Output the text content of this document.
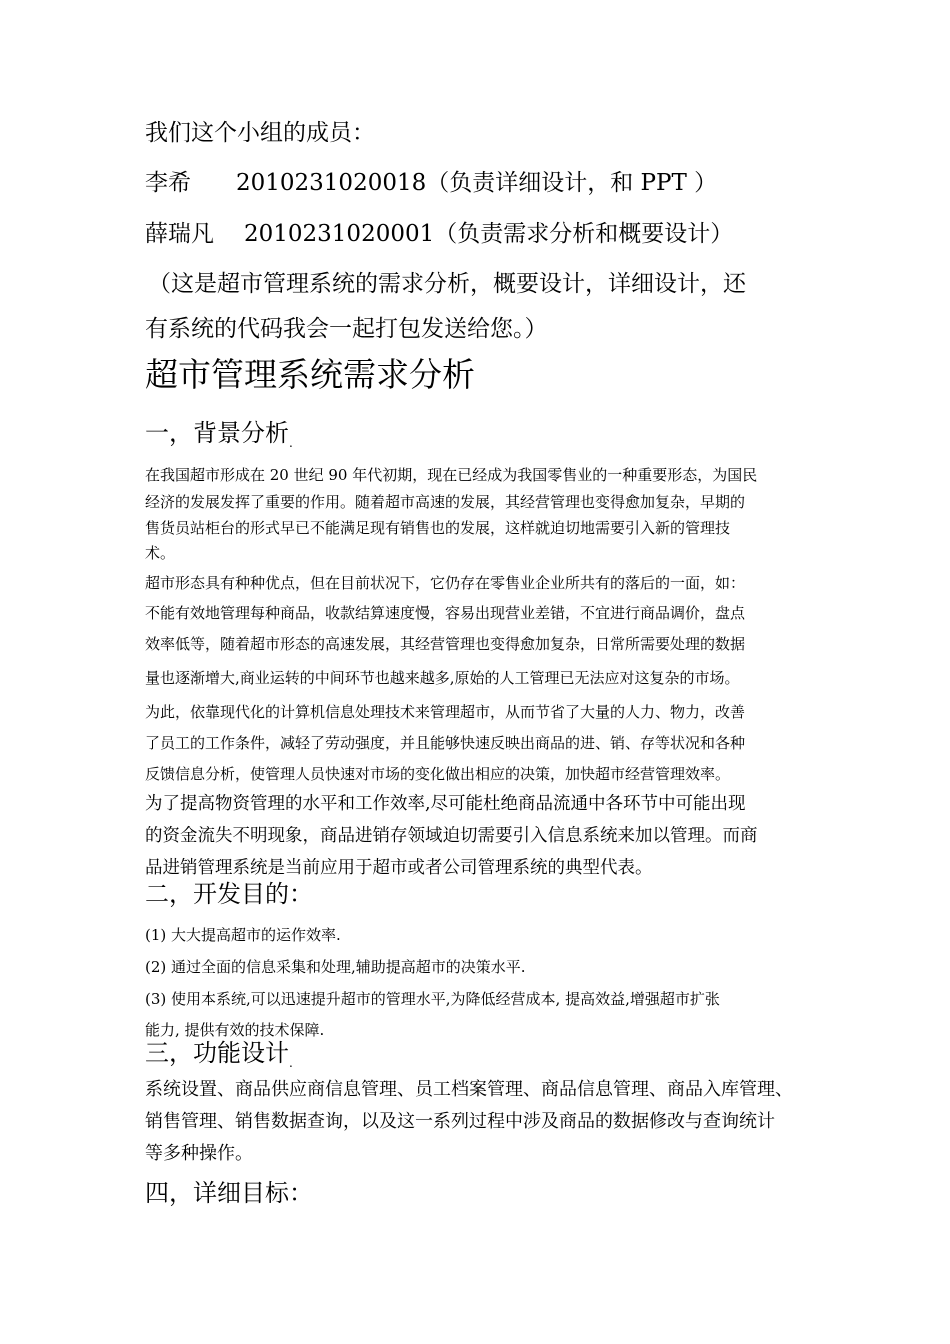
我们这个小组的成员：
李希 2010231020018（负责详细设计，和 PPT ）
薛瑞凡 2010231020001（负责需求分析和概要设计）
（这是超市管理系统的需求分析，概要设计，详细设计，还
有系统的代码我会一起打包发送给您。）
超市管理系统需求分析
一，背景分析$_.$
在我国超市形成在 20 世纪 90 年代初期，现在已经成为我国零售业的一种重要形态，为国民
经济的发展发挥了重要的作用。随着超市高速的发展，其经营管理也变得愈加复杂，早期的
售货员站柜台的形式早已不能满足现有销售也的发展，这样就迫切地需要引入新的管理技
术。
超市形态具有种种优点，但在目前状况下，它仍存在零售业企业所共有的落后的一面，如：
不能有效地管理每种商品，收款结算速度慢，容易出现营业差错，不宜进行商品调价，盘点
效率低等，随着超市形态的高速发展，其经营管理也变得愈加复杂，日常所需要处理的数据
量也逐渐增大,商业运转的中间环节也越来越多,原始的人工管理已无法应对这复杂的市场。
为此，依靠现代化的计算机信息处理技术来管理超市，从而节省了大量的人力、物力，改善
了员工的工作条件，减轻了劳动强度，并且能够快速反映出商品的进、销、存等状况和各种
反馈信息分析，使管理人员快速对市场的变化做出相应的决策，加快超市经营管理效率。
为了提高物资管理的水平和工作效率,尽可能杜绝商品流通中各环节中可能出现
的资金流失不明现象，商品进销存领域迫切需要引入信息系统来加以管理。而商
品进销管理系统是当前应用于超市或者公司管理系统的典型代表。
二，开发目的：
(1) 大大提高超市的运作效率.
(2) 通过全面的信息采集和处理,辅助提高超市的决策水平.
(3) 使用本系统,可以迅速提升超市的管理水平,为降低经营成本, 提高效益,增强超市扩张
能力, 提供有效的技术保障.
三，功能设计$_.$
系统设置、商品供应商信息管理、员工档案管理、商品信息管理、商品入库管理、
销售管理、销售数据查询，以及这一系列过程中涉及商品的数据修改与查询统计
等多种操作。
四，详细目标：
